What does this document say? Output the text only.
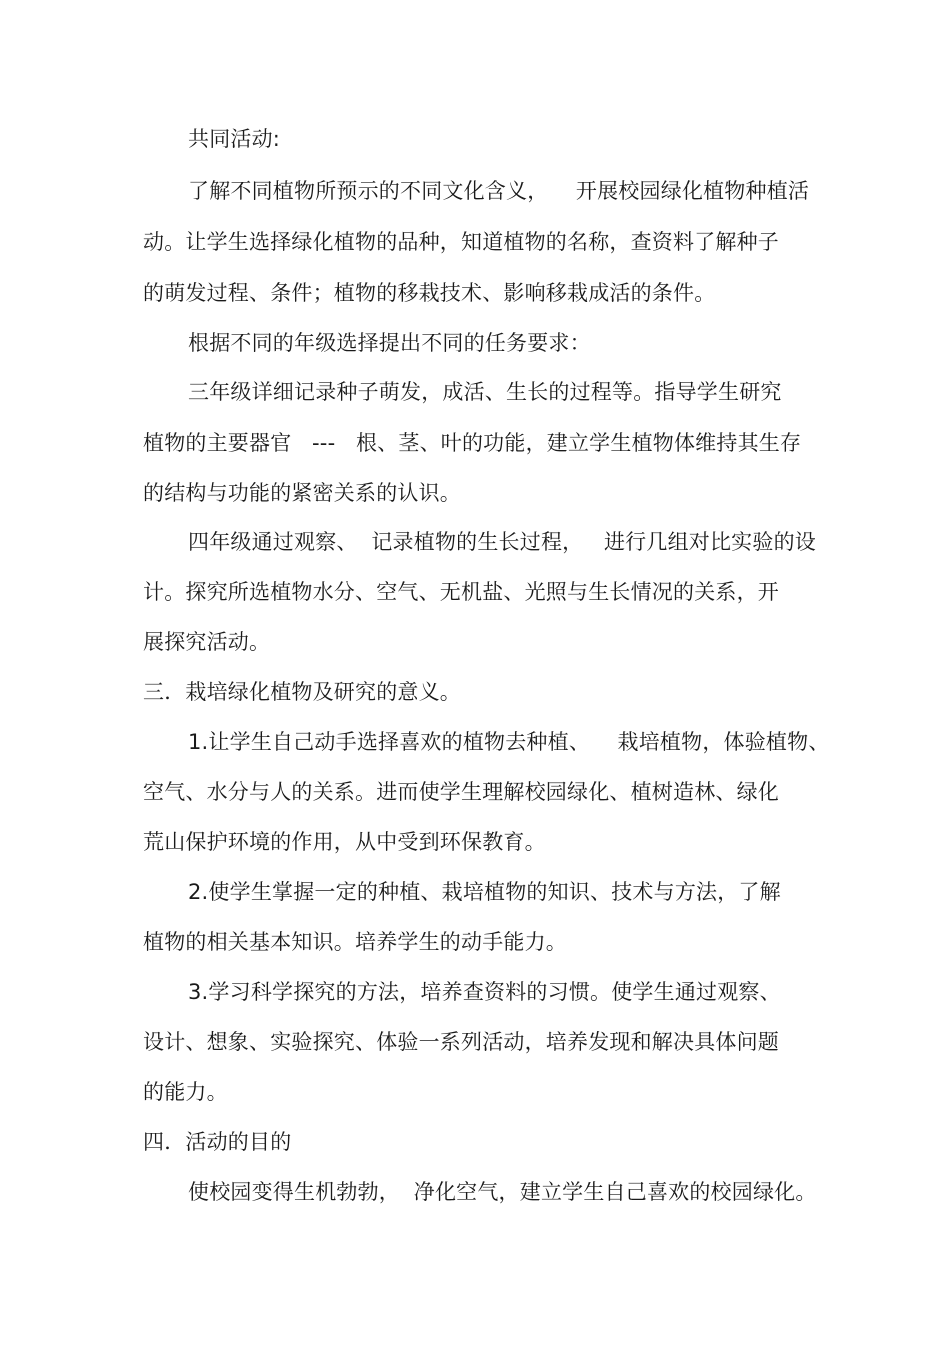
共同活动:
了解不同植物所预示的不同文化含义，    开展校园绿化植物种植活
动。让学生选择绿化植物的品种，知道植物的名称，查资料了解种子
的萌发过程、条件；植物的移栽技术、影响移栽成活的条件。
根据不同的年级选择提出不同的任务要求：
三年级详细记录种子萌发，成活、生长的过程等。指导学生研究
植物的主要器官   ---   根、茎、叶的功能，建立学生植物体维持其生存
的结构与功能的紧密关系的认识。
四年级通过观察、  记录植物的生长过程，   进行几组对比实验的设
计。探究所选植物水分、空气、无机盐、光照与生长情况的关系，开
展探究活动。
三．栽培绿化植物及研究的意义。
1.让学生自己动手选择喜欢的植物去种植、    栽培植物，体验植物、
空气、水分与人的关系。进而使学生理解校园绿化、植树造林、绿化
荒山保护环境的作用，从中受到环保教育。
2.使学生掌握一定的种植、栽培植物的知识、技术与方法，了解
植物的相关基本知识。培养学生的动手能力。
3.学习科学探究的方法，培养查资料的习惯。使学生通过观察、
设计、想象、实验探究、体验一系列活动，培养发现和解决具体问题
的能力。
四．活动的目的
使校园变得生机勃勃，  净化空气，建立学生自己喜欢的校园绿化。
